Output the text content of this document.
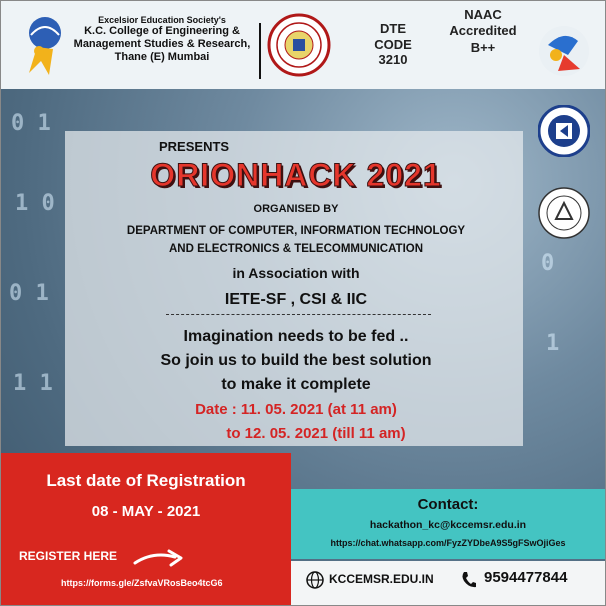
0 1
1 0
0 1
1 1
0
1
Excelsior Education Society's
K.C. College of Engineering &
Management Studies & Research,
Thane (E) Mumbai
DTE
CODE
3210
NAAC
Accredited
B++
PRESENTS
ORIONHACK 2021
ORGANISED BY
DEPARTMENT OF COMPUTER, INFORMATION TECHNOLOGY
AND ELECTRONICS & TELECOMMUNICATION
in Association with
IETE-SF , CSI & IIC
Imagination needs to be fed ..
So join us to build the best solution
to make it complete
Date : 11. 05. 2021 (at 11 am)
to 12. 05. 2021 (till 11 am)
Last date of Registration
08 - MAY - 2021
REGISTER HERE
https://forms.gle/ZsfvaVRosBeo4tcG6
Contact:
hackathon_kc@kccemsr.edu.in
https://chat.whatsapp.com/FyzZYDbeA9S5gFSwOjiGes
KCCEMSR.EDU.IN	9594477844
